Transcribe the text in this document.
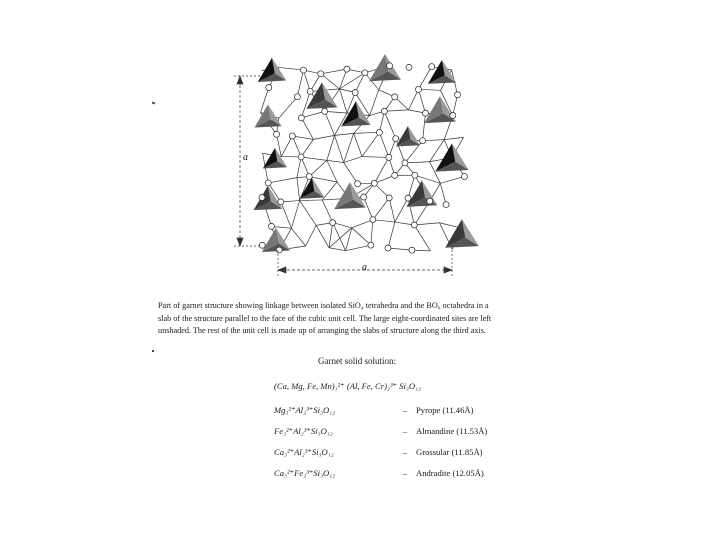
a
a
Part of garnet structure showing linkage between isolated SiO₄ tetrahedra and the BO₆ octahedra in a
slab of the structure parallel to the face of the cubic unit cell. The large eight-coordinated sites are left
unshaded. The rest of the unit cell is made up of arranging the slabs of structure along the third axis.
Garnet solid solution:
(Ca, Mg, Fe, Mn)₃²⁺ (Al, Fe, Cr)₂³⁺ Si₃O₁₂
Mg₃²⁺Al₂³⁺Si₃O₁₂	– Pyrope (11.46Å)
Fe₃²⁺Al₂³⁺Si₃O₁₂	– Almandine (11.53Å)
Ca₃²⁺Al₂³⁺Si₃O₁₂	– Grossular (11.85Å)
Ca₃²⁺Fe₂³⁺Si₃O₁₂	– Andradite (12.05Å)
